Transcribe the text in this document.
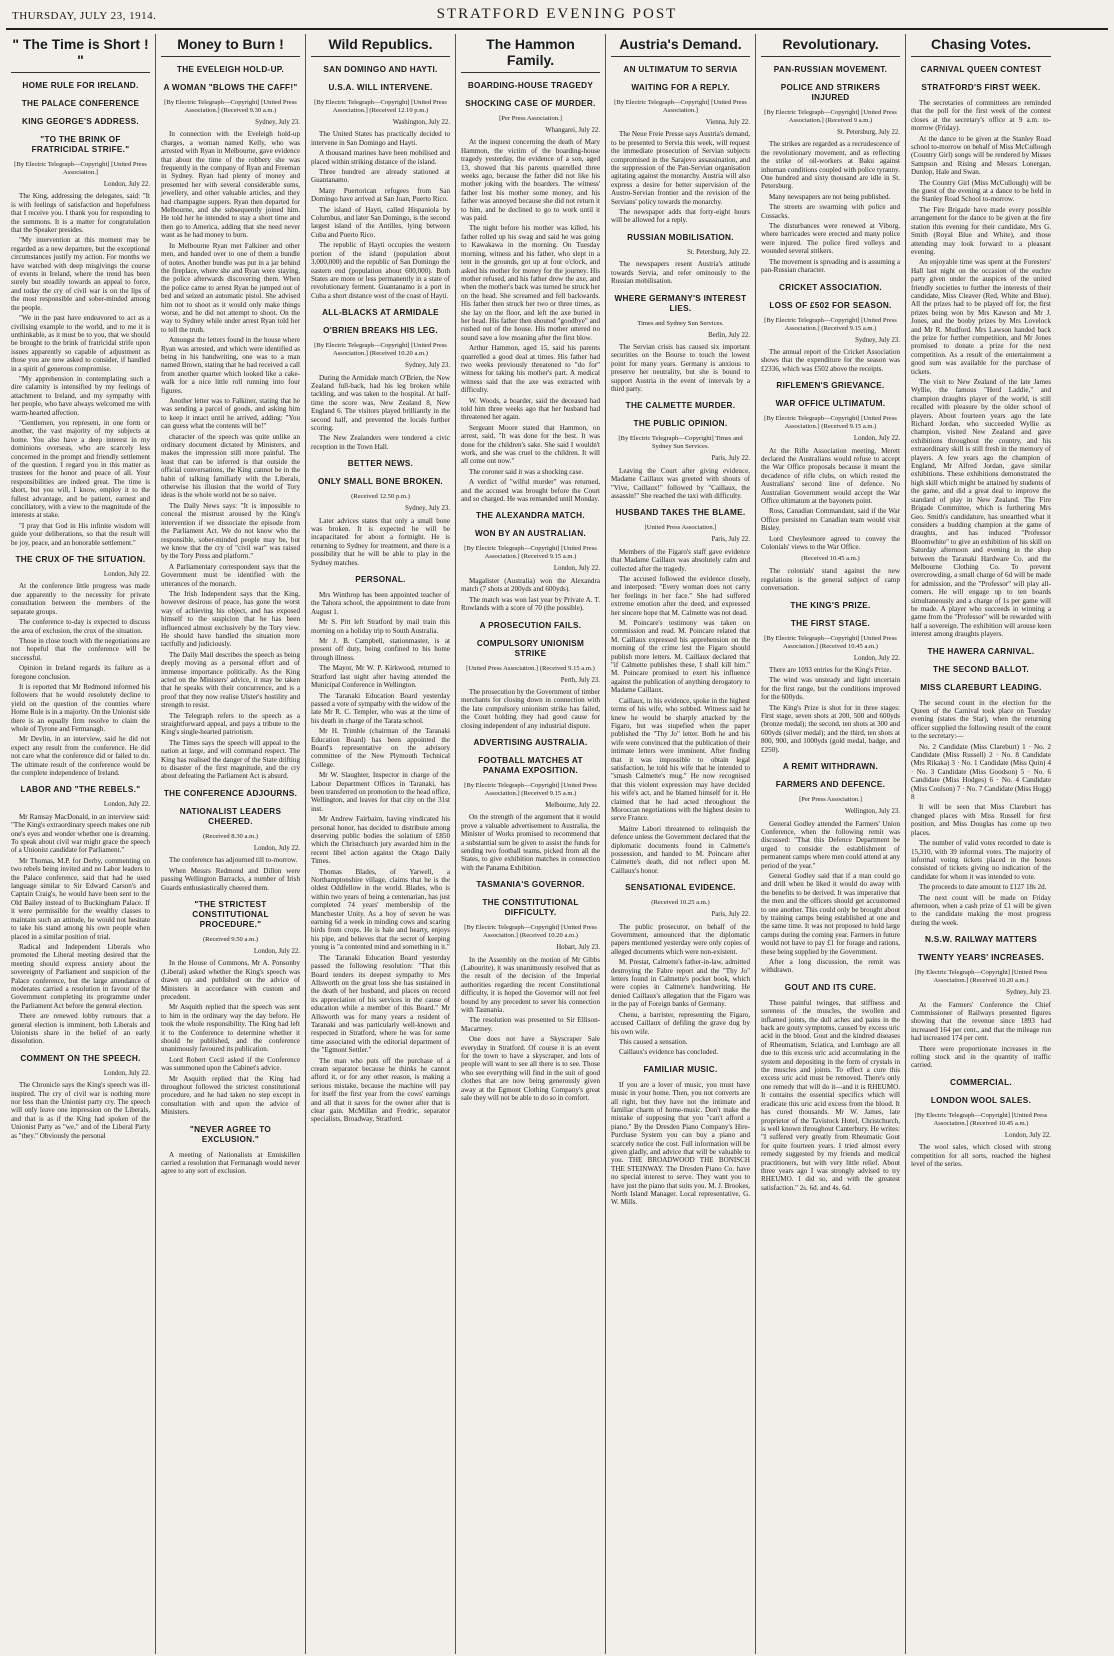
THURSDAY, JULY 23, 1914.	STRATFORD EVENING POST
" The Time is Short ! "
HOME RULE FOR IRELAND.
THE PALACE CONFERENCE
KING GEORGE'S ADDRESS.
"TO THE BRINK OF FRATRICIDAL STRIFE."
[By Electric Telegraph—Copyright] [United Press Association.]
London, July 22.

The King, addressing the delegates, said: "It is with feelings of satisfaction and hopefulness that I receive you. I thank you for responding to the summons. It is a matter for congratulation that the Speaker presides.

"My intervention at this moment may be regarded as a new departure, but the exceptional circumstances justify my action. For months we have watched with deep misgivings the course of events in Ireland, where the trend has been surely but steadily towards an appeal to force, and today the cry of civil war is on the lips of the most responsible and sober-minded among the people.

"We in the past have endeavored to act as a civilising example to the world, and to me it is unthinkable, as it must be to you, that we should be brought to the brink of fratricidal strife upon issues apparently so capable of adjustment as those you are now asked to consider, if handled in a spirit of generous compromise.

"My apprehension in contemplating such a dire calamity is intensified by my feelings of attachment to Ireland, and my sympathy with her people, who have always welcomed me with warm-hearted affection.

"Gentlemen, you represent, in one form or another, the vast majority of my subjects at home. You also have a deep interest in my dominions overseas, who are scarcely less concerned in the prompt and friendly settlement of the question. I regard you in this matter as trustees for the honor and peace of all. Your responsibilities are indeed great. The time is short, but you will, I know, employ it to the fullest advantage, and be patient, earnest and conciliatory, with a view to the magnitude of the interests at stake.

"I pray that God in His infinite wisdom will guide your deliberations, so that the result will be joy, peace, and an honorable settlement."

THE CRUX OF THE SITUATION.
London, July 22.

At the conference little progress was made due apparently to the necessity for private consultation between the members of the separate groups.

The conference to-day is expected to discuss the area of exclusion, the crux of the situation.

Those in close touch with the negotiations are not hopeful that the conference will be successful.

Opinion in Ireland regards its failure as a foregone conclusion.

It is reported that Mr Redmond informed his followers that he would resolutely decline to yield on the question of the counties where Home Rule is in a majority. On the Unionist side there is an equally firm resolve to claim the whole of Tyrone and Fermanagh.

Mr Devlin, in an interview, said he did not expect any result from the conference. He did not care what the conference did or failed to do. The ultimate result of the conference would be the complete independence of Ireland.

LABOR AND "THE REBELS."
London, July 22.

Mr Ramsay MacDonald, in an interview said: "The King's extraordinary speech makes one rub one's eyes and wonder whether one is dreaming. To speak about civil war might grace the speech of a Unionist candidate for Parliament."

Mr Thomas, M.P. for Derby, commenting on two rebels being invited and no Labor leaders to the Palace conference, said that had he used language similar to Sir Edward Carson's and Captain Craig's, he would have been sent to the Old Bailey instead of to Buckingham Palace. If it were permissible for the wealthy classes to maintain such an attitude, he would not hesitate to take his stand among his own people when placed in a similar position of trial.

Radical and Independent Liberals who promoted the Liberal meeting desired that the meeting should express anxiety about the sovereignty of Parliament and suspicion of the Palace conference, but the large attendance of moderates carried a resolution in favour of the Government completing its programme under the Parliament Act before the general election.

There are renewed lobby rumours that a general election is imminent, both Liberals and Unionists share in the belief of an early dissolution.

COMMENT ON THE SPEECH.
London, July 22.

The Chronicle says the King's speech was ill-inspired. The cry of civil war is nothing more nor less than the Unionist party cry. The speech will only leave one impression on the Liberals, and that is as if the King had spoken of the Unionist Party as "we," and of the Liberal Party as "they." Obviously the personal

Money to Burn !
THE EVELEIGH HOLD-UP.
A WOMAN "BLOWS THE CAFF!"
[By Electric Telegraph—Copyright] [United Press Association.] (Received 9.30 a.m.)
Sydney, July 23.

In connection with the Eveleigh hold-up charges, a woman named Kelly, who was arrested with Ryan in Melbourne, gave evidence that about the time of the robbery she was frequently in the company of Ryan and Freeman in Sydney. Ryan had plenty of money and presented her with several considerable sums, jewellery, and other valuable articles, and they had champagne suppers. Ryan then departed for Melbourne, and she subsequently joined him. He told her he intended to stay a short time and then go to America, adding that she need never want as he had money to burn.

In Melbourne Ryan met Falkiner and other men, and handed over to one of them a bundle of notes. Another bundle was put in a jar behind the fireplace, where she and Ryan were staying, the police afterwards discovering them. When the police came to arrest Ryan he jumped out of bed and seized an automatic pistol. She advised him not to shoot as it would only make things worse, and he did not attempt to shoot. On the way to Sydney while under arrest Ryan told her to tell the truth.

Amongst the letters found in the house where Ryan was arrested, and which were identified as being in his handwriting, one was to a man named Brown, stating that he had received a call from another quarter which looked like a cake-walk for a nice little roll running into four figures.

Another letter was to Falkiner, stating that he was sending a parcel of goods, and asking him to keep it intact until he arrived, adding: "You can guess what the contents will be!"

character of the speech was quite unlike an ordinary document dictated by Ministers, and makes the impression still more painful. The least that can be inferred is that outside the official conversations, the King cannot be in the habit of talking familiarly with the Liberals, otherwise his illusion that the world of Tory ideas is the whole world not be so naive.

The Daily News says: "It is impossible to conceal the mistrust aroused by the King's intervention if we dissociate the episode from the Parliament Act. We do not know who the responsible, sober-minded people may be, but we know that the cry of "civil war" was raised by the Tory Press and platform."

A Parliamentary correspondent says that the Government must be identified with the utterances of the monarch.

The Irish Independent says that the King, however desirous of peace, has gone the worst way of achieving his object, and has exposed himself to the suspicion that he has been influenced almost exclusively by the Tory view. He should have handled the situation more tactfully and judiciously.

The Daily Mail describes the speech as being deeply moving as a personal effort and of immense importance politically. As the King acted on the Ministers' advice, it may be taken that he speaks with their concurrence, and is a proof that they now realise Ulster's hostility and strength to resist.

The Telegraph refers to the speech as a straightforward appeal, and pays a tribute to the King's single-hearted patriotism.

The Times says the speech will appeal to the nation at large, and will command respect. The King has realised the danger of the State drifting to disaster of the first magnitude, and the cry about defeating the Parliament Act is absurd.

THE CONFERENCE ADJOURNS.
NATIONALIST LEADERS CHEERED.
(Received 8.30 a.m.)
London, July 22.

The conference has adjourned till to-morrow.

When Messrs Redmond and Dillon were passing Wellington Barracks, a number of Irish Guards enthusiastically cheered them.

"THE STRICTEST CONSTITUTIONAL PROCEDURE."
(Received 9.50 a.m.)
London, July 22.

In the House of Commons, Mr A. Ponsonby (Liberal) asked whether the King's speech was drawn up and published on the advice of Ministers in accordance with custom and precedent.

Mr Asquith replied that the speech was sent to him in the ordinary way the day before. He took the whole responsibility. The King had left it to the Conference to determine whether it should be published, and the conference unanimously favoured its publication.

Lord Robert Cecil asked if the Conference was summoned upon the Cabinet's advice.

Mr Asquith replied that the King had throughout followed the strictest constitutional procedure, and he had taken no step except in consultation with and upon the advice of Ministers.

"NEVER AGREE TO EXCLUSION."

A meeting of Nationalists at Enniskillen carried a resolution that Fermanagh would never agree to any sort of exclusion.

Wild Republics.
SAN DOMINGO AND HAYTI.
U.S.A. WILL INTERVENE.
[By Electric Telegraph—Copyright] [United Press Association.] (Received 12.10 p.m.)
Washington, July 22.

The United States has practically decided to intervene in San Domingo and Hayti.

A thousand marines have been mobilised and placed within striking distance of the island.

Three hundred are already stationed at Guantanamo.

Many Puertorican refugees from San Domingo have arrived at San Juan, Puerto Rico.

The island of Hayti, called Hispaniola by Columbus, and later San Domingo, is the second largest island of the Antilles, lying between Cuba and Puerto Rico.

The republic of Hayti occupies the western portion of the island (population about 3,000,000) and the republic of San Domingo the eastern end (population about 600,000). Both States are more or less permanently in a state of revolutionary ferment. Guantanamo is a port in Cuba a short distance west of the coast of Hayti.

ALL-BLACKS AT ARMIDALE
O'BRIEN BREAKS HIS LEG.
[By Electric Telegraph—Copyright] [United Press Association.] (Received 10.20 a.m.)
Sydney, July 23.

During the Armidale match O'Brien, the New Zealand full-back, had his leg broken while tackling, and was taken to the hospital. At half-time the score was, New Zealand 8, New England 6. The visitors played brilliantly in the second half, and prevented the locals further scoring.

The New Zealanders were tendered a civic reception in the Town Hall.

BETTER NEWS.
ONLY SMALL BONE BROKEN.
(Received 12.50 p.m.)
Sydney, July 23.

Later advices states that only a small bone was broken. It is expected he will be incapacitated for about a fortnight. He is returning to Sydney for treatment, and there is a possibility that he will be able to play in the Sydney matches.

PERSONAL.

Mrs Winthrop has been appointed teacher of the Tahora school, the appointment to date from August 1.

Mr S. Pitt left Stratford by mail train this morning on a holiday trip to South Australia.

Mr J. B. Campbell, stationmaster, is at present off duty, being confined to his home through illness.

The Mayor, Mr W. P. Kirkwood, returned to Stratford last night after having attended the Municipal Conference in Wellington.

The Taranaki Education Board yesterday passed a vote of sympathy with the widow of the late Mr R. C. Templer, who was at the time of his death in charge of the Tarata school.

Mr H. Trimble (chairman of the Taranaki Education Board) has been appointed the Board's representative on the advisory committee of the New Plymouth Technical College.

Mr W. Slaughter, Inspector in charge of the Labour Department Offices in Taranaki, has been transferred on promotion to the head office, Wellington, and leaves for that city on the 31st inst.

Mr Andrew Fairbairn, having vindicated his personal honor, has decided to distribute among deserving public bodies the solatium of £850 which the Christchurch jury awarded him in the recent libel action against the Otago Daily Times.

Thomas Blades, of Yarwell, a Northamptonshire village, claims that he is the oldest Oddfellow in the world. Blades, who is within two years of being a centenarian, has just completed 74 years' membership of the Manchester Unity. As a boy of seven he was earning 6d a week in minding cows and scaring birds from crops. He is hale and hearty, enjoys his pipe, and believes that the secret of keeping young is "a contented mind and something in it."

The Taranaki Education Board yesterday passed the following resolution: "That this Board tenders its deepest sympathy to Mrs Allsworth on the great loss she has sustained in the death of her husband, and places on record its appreciation of his services in the cause of education while a member of this Board." Mr Allsworth was for many years a resident of Taranaki and was particularly well-known and respected in Stratford, where he was for some time associated with the editorial department of the "Egmont Settler."

The man who puts off the purchase of a cream separator because he thinks he cannot afford it, or for any other reason, is making a serious mistake, because the machine will pay for itself the first year from the cows' earnings and all that it saves for the owner after that is clear gain. McMillan and Fredric, separator specialists, Broadway, Stratford.

The Hammon Family.
BOARDING-HOUSE TRAGEDY
SHOCKING CASE OF MURDER.
[Per Press Association.]
Whangarei, July 22.

At the inquest concerning the death of Mary Hammon, the victim of the boarding-house tragedy yesterday, the evidence of a son, aged 13, showed that his parents quarrelled three weeks ago, because the father did not like his mother joking with the boarders. The witness' father lost his mother some money, and his father was annoyed because she did not return it to him, and he declined to go to work until it was paid.

The night before his mother was killed, his father rolled up his swag and said he was going to Kawakawa in the morning. On Tuesday morning, witness and his father, who slept in a tent in the grounds, got up at four o'clock, and asked his mother for money for the journey. His mother refused, and his father drew the axe, and when the mother's back was turned he struck her on the head. She screamed and fell backwards. His father then struck her two or three times, as she lay on the floor, and left the axe buried in her head. His father then shouted "goodbye" and rushed out of the house. His mother uttered no sound save a low moaning after the first blow.

Arthur Hammon, aged 15, said his parents quarrelled a good deal at times. His father had two weeks previously threatened to "do for" witness for taking his mother's part. A medical witness said that the axe was extracted with difficulty.

W. Woods, a boarder, said the deceased had told him three weeks ago that her husband had threatened her again.

Sergeant Moore stated that Hammon, on arrest, said, "It was done for the best. It was done for the children's sake. She said I wouldn't work, and she was cruel to the children. It will all come out now."

The coroner said it was a shocking case.

A verdict of "wilful murder" was returned, and the accused was brought before the Court and so charged. He was remanded until Monday.

THE ALEXANDRA MATCH.
WON BY AN AUSTRALIAN.
[By Electric Telegraph—Copyright] [United Press Association.] (Received 9.15 a.m.)
London, July 22.

Magalister (Australia) won the Alexandra match (7 shots at 200yds and 600yds).

The match was won last year by Private A. T. Rowlands with a score of 70 (the possible).

A PROSECUTION FAILS.
COMPULSORY UNIONISM STRIKE
[United Press Association.] (Received 9.15 a.m.)
Perth, July 23.

The prosecution by the Government of timber merchants for closing down in connection with the late compulsory unionism strike has failed, the Court holding they had good cause for closing independent of any industrial dispute.

ADVERTISING AUSTRALIA.
FOOTBALL MATCHES AT PANAMA EXPOSITION.
[By Electric Telegraph—Copyright] [United Press Association.] (Received 9.15 a.m.)
Melbourne, July 22.

On the strength of the argument that it would prove a valuable advertisement to Australia, the Minister of Works promised to recommend that a substantial sum be given to assist the funds for sending two football teams, picked from all the States, to give exhibition matches in connection with the Panama Exhibition.

TASMANIA'S GOVERNOR.
THE CONSTITUTIONAL DIFFICULTY.
[By Electric Telegraph—Copyright] [United Press Association.] (Received 10.20 a.m.)
Hobart, July 23.

In the Assembly on the motion of Mr Gibbs (Labourite), it was unanimously resolved that as the result of the decision of the Imperial authorities regarding the recent Constitutional difficulty, it is hoped the Governor will not feel bound by any precedent to sever his connection with Tasmania.

The resolution was presented to Sir Ellison-Macartney.

One does not have a Skyscraper Sale everyday in Stratford. Of course it is an event for the town to have a skyscraper, and lots of people will want to see all there is to see. Those who see everything will find in the suit of good clothes that are now being generously given away at the Egmont Clothing Company's great sale they will not be able to do so in comfort.

Austria's Demand.
AN ULTIMATUM TO SERVIA
WAITING FOR A REPLY.
[By Electric Telegraph—Copyright] [United Press Association.]
Vienna, July 22.

The Neue Freie Presse says Austria's demand, to be presented to Servia this week, will request the immediate prosecution of Servian subjects compromised in the Sarajevo assassination, and the suppression of the Pan-Servian organisation agitating against the monarchy. Austria will also express a desire for better supervision of the Austro-Servian frontier and the revision of the Servians' policy towards the monarchy.

The newspaper adds that forty-eight hours will be allowed for a reply.

RUSSIAN MOBILISATION.
St. Petersburg, July 22.

The newspapers resent Austria's attitude towards Servia, and refer ominously to the Russian mobilisation.

WHERE GERMANY'S INTEREST LIES.
Times and Sydney Sun Services.
Berlin, July 22.

The Servian crisis has caused six important securities on the Bourse to touch the lowest point for many years. Germany is anxious to preserve her neutrality, but she is bound to support Austria in the event of intervals by a third party.

THE CALMETTE MURDER.
THE PUBLIC OPINION.
[By Electric Telegraph—Copyright] Times and Sydney Sun Services.
Paris, July 22.

Leaving the Court after giving evidence, Madame Caillaux was greeted with shouts of "Vive, Caillaux!" followed by "Caillaux, the assassin!" She reached the taxi with difficulty.

HUSBAND TAKES THE BLAME.
[United Press Association.]
Paris, July 22.

Members of the Figaro's staff gave evidence that Madame Caillaux was absolutely calm and collected after the tragedy.

The accused followed the evidence closely, and interposed: "Every woman does not carry her feelings in her face." She had suffered extreme emotion after the deed, and expressed her sincere hope that M. Calmette was not dead.

M. Poincare's testimony was taken on commission and read. M. Poincare related that M. Caillaux expressed his apprehension on the morning of the crime lest the Figaro should publish more letters. M. Caillaux declared that "if Calmette publishes these, I shall kill him." M. Poincare promised to exert his influence against the publication of anything derogatory to Madame Caillaux.

Caillaux, in his evidence, spoke in the highest terms of his wife, who sobbed. Witness said he knew he would be sharply attacked by the Figaro, but was stupefied when the paper published the "Thy Jo" letter. Both he and his wife were convinced that the publication of their intimate letters were imminent. After finding that it was impossible to obtain legal satisfaction, he told his wife that he intended to "smash Calmette's mug." He now recognised that this violent expression may have decided his wife's act, and he blamed himself for it. He claimed that he had acted throughout the Moroccan negotiations with the highest desire to serve France.

Maitre Labori threatened to relinquish the defence unless the Government declared that the diplomatic documents found in Calmette's possession, and handed to M. Poincare after Calmette's death, did not reflect upon M. Caillaux's honor.

SENSATIONAL EVIDENCE.
(Received 10.25 a.m.)
Paris, July 22.

The public prosecutor, on behalf of the Government, announced that the diplomatic papers mentioned yesterday were only copies of alleged documents which were non-existent.

M. Prestat, Calmette's father-in-law, admitted destroying the Fabre report and the "Thy Jo" letters found in Calmette's pocket book, which were copies in Calmette's handwriting. He denied Caillaux's allegation that the Figaro was in the pay of Foreign banks of Germany.

Chenu, a barrister, representing the Figaro, accused Caillaux of defiling the grave dug by his own wife.

This caused a sensation.

Caillaux's evidence has concluded.

FAMILIAR MUSIC.

If you are a lover of music, you must have music in your home. Then, you not converts are all right, but they have not the intimate and familiar charm of home-music. Don't make the mistake of supposing that you "can't afford a piano." By the Dresden Piano Company's Hire-Purchase System you can buy a piano and scarcely notice the cost. Full information will be given gladly, and advice that will be valuable to you. THE BROADWOOD THE BONISCH THE STEINWAY. The Dresden Piano Co. have no special interest to serve. They want you to have just the piano that suits you. M. J. Brookes, North Island Manager. Local representative, G. W. Mills.

Revolutionary.
PAN-RUSSIAN MOVEMENT.
POLICE AND STRIKERS INJURED
[By Electric Telegraph—Copyright] [United Press Association.] (Received 9 a.m.)
St. Petersburg, July 22.

The strikes are regarded as a recrudescence of the revolutionary movement, and as reflecting the strike of oil-workers at Baku against inhuman conditions coupled with police tyranny. One hundred and sixty thousand are idle in St. Petersburg.

Many newspapers are not being published.

The streets are swarming with police and Cossacks.

The disturbances were renewed at Viborg, where barricades were erected and many police were injured. The police fired volleys and wounded several strikers.

The movement is spreading and is assuming a pan-Russian character.

CRICKET ASSOCIATION.
LOSS OF £502 FOR SEASON.
[By Electric Telegraph—Copyright] [United Press Association.] (Received 9.15 a.m.)
Sydney, July 23.

The annual report of the Cricket Association shows that the expenditure for the season was £2336, which was £502 above the receipts.

RIFLEMEN'S GRIEVANCE.
WAR OFFICE ULTIMATUM.
[By Electric Telegraph—Copyright] [United Press Association.] (Received 9.15 a.m.)
London, July 22.

At the Rifle Association meeting, Merett declared the Australians would refuse to accept the War Office proposals because it meant the decadence of rifle clubs, on which rested the Australians' second line of defence. No Australian Government would accept the War Office ultimatum at the bayonets point.

Ross, Canadian Commandant, said if the War Office persisted no Canadian team would visit Bisley.

Lord Cheylesmore agreed to convey the Colonials' views to the War Office.

(Received 10.45 a.m.)

The colonials' stand against the new regulations is the general subject of camp conversation.

THE KING'S PRIZE.
THE FIRST STAGE.
[By Electric Telegraph—Copyright] [United Press Association.] (Received 10.45 a.m.)
London, July 22.

There are 1093 entries for the King's Prize.

The wind was unsteady and light uncertain for the first range, but the conditions improved for the 600yds.

The King's Prize is shot for in three stages: First stage, seven shots at 200, 500 and 600yds (bronze medal); the second, ten shots at 300 and 600yds (silver medal); and the third, ten shots at 800, 900, and 1000yds (gold medal, badge, and £250).

A REMIT WITHDRAWN.
FARMERS AND DEFENCE.
[Per Press Association.]
Wellington, July 23.

General Godley attended the Farmers' Union Conference, when the following remit was discussed: "That this Defence Department be urged to consider the establishment of permanent camps where men could attend at any period of the year."

General Godley said that if a man could go and drill when he liked it would do away with the benefits to be derived. It was imperative that the men and the officers should get accustomed to one another. This could only be brought about by training camps being established at one and the same time. It was not proposed to hold large camps during the coming year. Farmers in future would not have to pay £1 for forage and rations, these being supplied by the Government.

After a long discussion, the remit was withdrawn.

GOUT AND ITS CURE.

Those painful twinges, that stiffness and soreness of the muscles, the swollen and inflamed joints, the dull aches and pains in the back are gouty symptoms, caused by excess uric acid in the blood. Gout and the kindred diseases of Rheumatism, Sciatica, and Lumbago are all due to this excess uric acid accumulating in the system and depositing in the form of crystals in the muscles and joints. To effect a cure this excess uric acid must be removed. There's only one remedy that will do it—and it is RHEUMO. It contains the essential specifics which will eradicate this uric acid excess from the blood. It has cured thousands. Mr W. James, late proprietor of the Tavistock Hotel, Christchurch, is well known throughout Canterbury. He writes: "I suffered very greatly from Rheumatic Gout for quite fourteen years. I tried almost every remedy suggested by my friends and medical practitioners, but with very little relief. About three years ago I was strongly advised to try RHEUMO. I did so, and with the greatest satisfaction." 2s. 6d. and 4s. 6d.

Chasing Votes.
CARNIVAL QUEEN CONTEST
STRATFORD'S FIRST WEEK.

The secretaries of committees are reminded that the poll for the first week of the contest closes at the secretary's office at 9 a.m. to-morrow (Friday).

At the dance to be given at the Stanley Road school to-morrow on behalf of Miss McCullough (Country Girl) songs will be rendered by Misses Sampson and Rising and Messrs Lonergan, Dunlop, Hale and Swan.

The Country Girl (Miss McCullough) will be the guest of the evening at a dance to be held in the Stanley Road School to-morrow.

The Fire Brigade have made every possible arrangement for the dance to be given at the fire station this evening for their candidate, Mrs G. Smith (Royal Blue and White), and those attending may look forward to a pleasant evening.

An enjoyable time was spent at the Foresters' Hall last night on the occasion of the euchre party given under the auspices of the united friendly societies to further the interests of their candidate, Miss Cleaver (Red, White and Blue). All the prizes had to be played off for, the first prizes being won by Mrs Kawson and Mr J. Jones, and the booby prizes by Mrs Lovelock and Mr R. Mudford. Mrs Lawson handed back the prize for further competition, and Mr Jones promised to donate a prize for the next competition. As a result of the entertainment a good sum was available for the purchase of tickets.

The visit to New Zealand of the late James Wyllie, the famous "Herd Laddie," and champion draughts player of the world, is still recalled with pleasure by the older school of players. About fourteen years ago the late Richard Jordan, who succeeded Wyllie as champion, visited New Zealand and gave exhibitions throughout the country, and his extraordinary skill is still fresh in the memory of players. A few years ago the champion of England, Mr Alfred Jordan, gave similar exhibitions. These exhibitions demonstrated the high skill which might be attained by students of the game, and did a great deal to improve the standard of play in New Zealand. The Fire Brigade Committee, which is furthering Mrs Geo. Smith's candidature, has unearthed what it considers a budding champion at the game of draughts, and has induced "Professor Bloomwhite" to give an exhibition of his skill on Saturday afternoon and evening in the shop between the Taranaki Hardware Co. and the Melbourne Clothing Co. To prevent overcrowding, a small charge of 6d will be made for admission, and the "Professor" will play all-comers. He will engage up to ten boards simultaneously and a charge of 1s per game will be made. A player who succeeds in winning a game from the "Professor" will be rewarded with half a sovereign. The exhibition will arouse keen interest among draughts players.

THE HAWERA CARNIVAL.
THE SECOND BALLOT.
MISS CLAREBURT LEADING.

The second count in the election for the Queen of the Carnival took place on Tuesday evening (states the Star), when the returning officer supplied the following result of the count to the secretary:—

No. 2 Candidate (Miss Clareburt) 1 · No. 2 Candidate (Miss Russell) 2 · No. 8 Candidate (Mrs Rikaka) 3 · No. 1 Candidate (Miss Quin) 4 · No. 3 Candidate (Miss Goodson) 5 · No. 6 Candidate (Miss Hodges) 6 · No. 4 Candidate (Miss Coulson) 7 · No. 7 Candidate (Miss Hogg) 8

It will be seen that Miss Clareburt has changed places with Miss Russell for first position, and Miss Douglas has come up two places.

The number of valid votes recorded to date is 15,310, with 39 informal votes. The majority of informal voting tickets placed in the boxes consisted of tickets giving no indication of the candidate for whom it was intended to vote.

The proceeds to date amount to £127 18s 2d.

The next count will be made on Friday afternoon, when a cash prize of £1 will be given to the candidate making the most progress during the week.

N.S.W. RAILWAY MATTERS
TWENTY YEARS' INCREASES.
[By Electric Telegraph—Copyright] [United Press Association.] (Received 10.20 a.m.)
Sydney, July 23.

At the Farmers' Conference the Chief Commissioner of Railways presented figures showing that the revenue since 1893 had increased 164 per cent., and that the mileage run had increased 174 per cent.

There were proportionate increases in the rolling stock and in the quantity of traffic carried.

COMMERCIAL.
LONDON WOOL SALES.
[By Electric Telegraph—Copyright] [United Press Association.] (Received 10.45 a.m.)
London, July 22.

The wool sales, which closed with strong competition for all sorts, reached the highest level of the series.
